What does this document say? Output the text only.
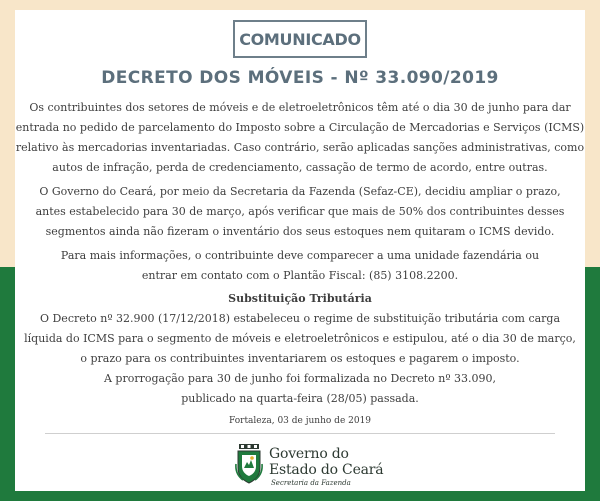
COMUNICADO
DECRETO DOS MÓVEIS - Nº 33.090/2019
Os contribuintes dos setores de móveis e de eletroeletrônicos têm até o dia 30 de junho para dar
entrada no pedido de parcelamento do Imposto sobre a Circulação de Mercadorias e Serviços (ICMS)
relativo às mercadorias inventariadas. Caso contrário, serão aplicadas sanções administrativas, como
autos de infração, perda de credenciamento, cassação de termo de acordo, entre outras.
O Governo do Ceará, por meio da Secretaria da Fazenda (Sefaz-CE), decidiu ampliar o prazo,
antes estabelecido para 30 de março, após verificar que mais de 50% dos contribuintes desses
segmentos ainda não fizeram o inventário dos seus estoques nem quitaram o ICMS devido.
Para mais informações, o contribuinte deve comparecer a uma unidade fazendária ou
entrar em contato com o Plantão Fiscal: (85) 3108.2200.
Substituição Tributária
O Decreto nº 32.900 (17/12/2018) estabeleceu o regime de substituição tributária com carga
líquida do ICMS para o segmento de móveis e eletroeletrônicos e estipulou, até o dia 30 de março,
o prazo para os contribuintes inventariarem os estoques e pagarem o imposto.
A prorrogação para 30 de junho foi formalizada no Decreto nº 33.090,
publicado na quarta-feira (28/05) passada.
Fortaleza, 03 de junho de 2019
Governo do
Estado do Ceará
Secretaria da Fazenda
